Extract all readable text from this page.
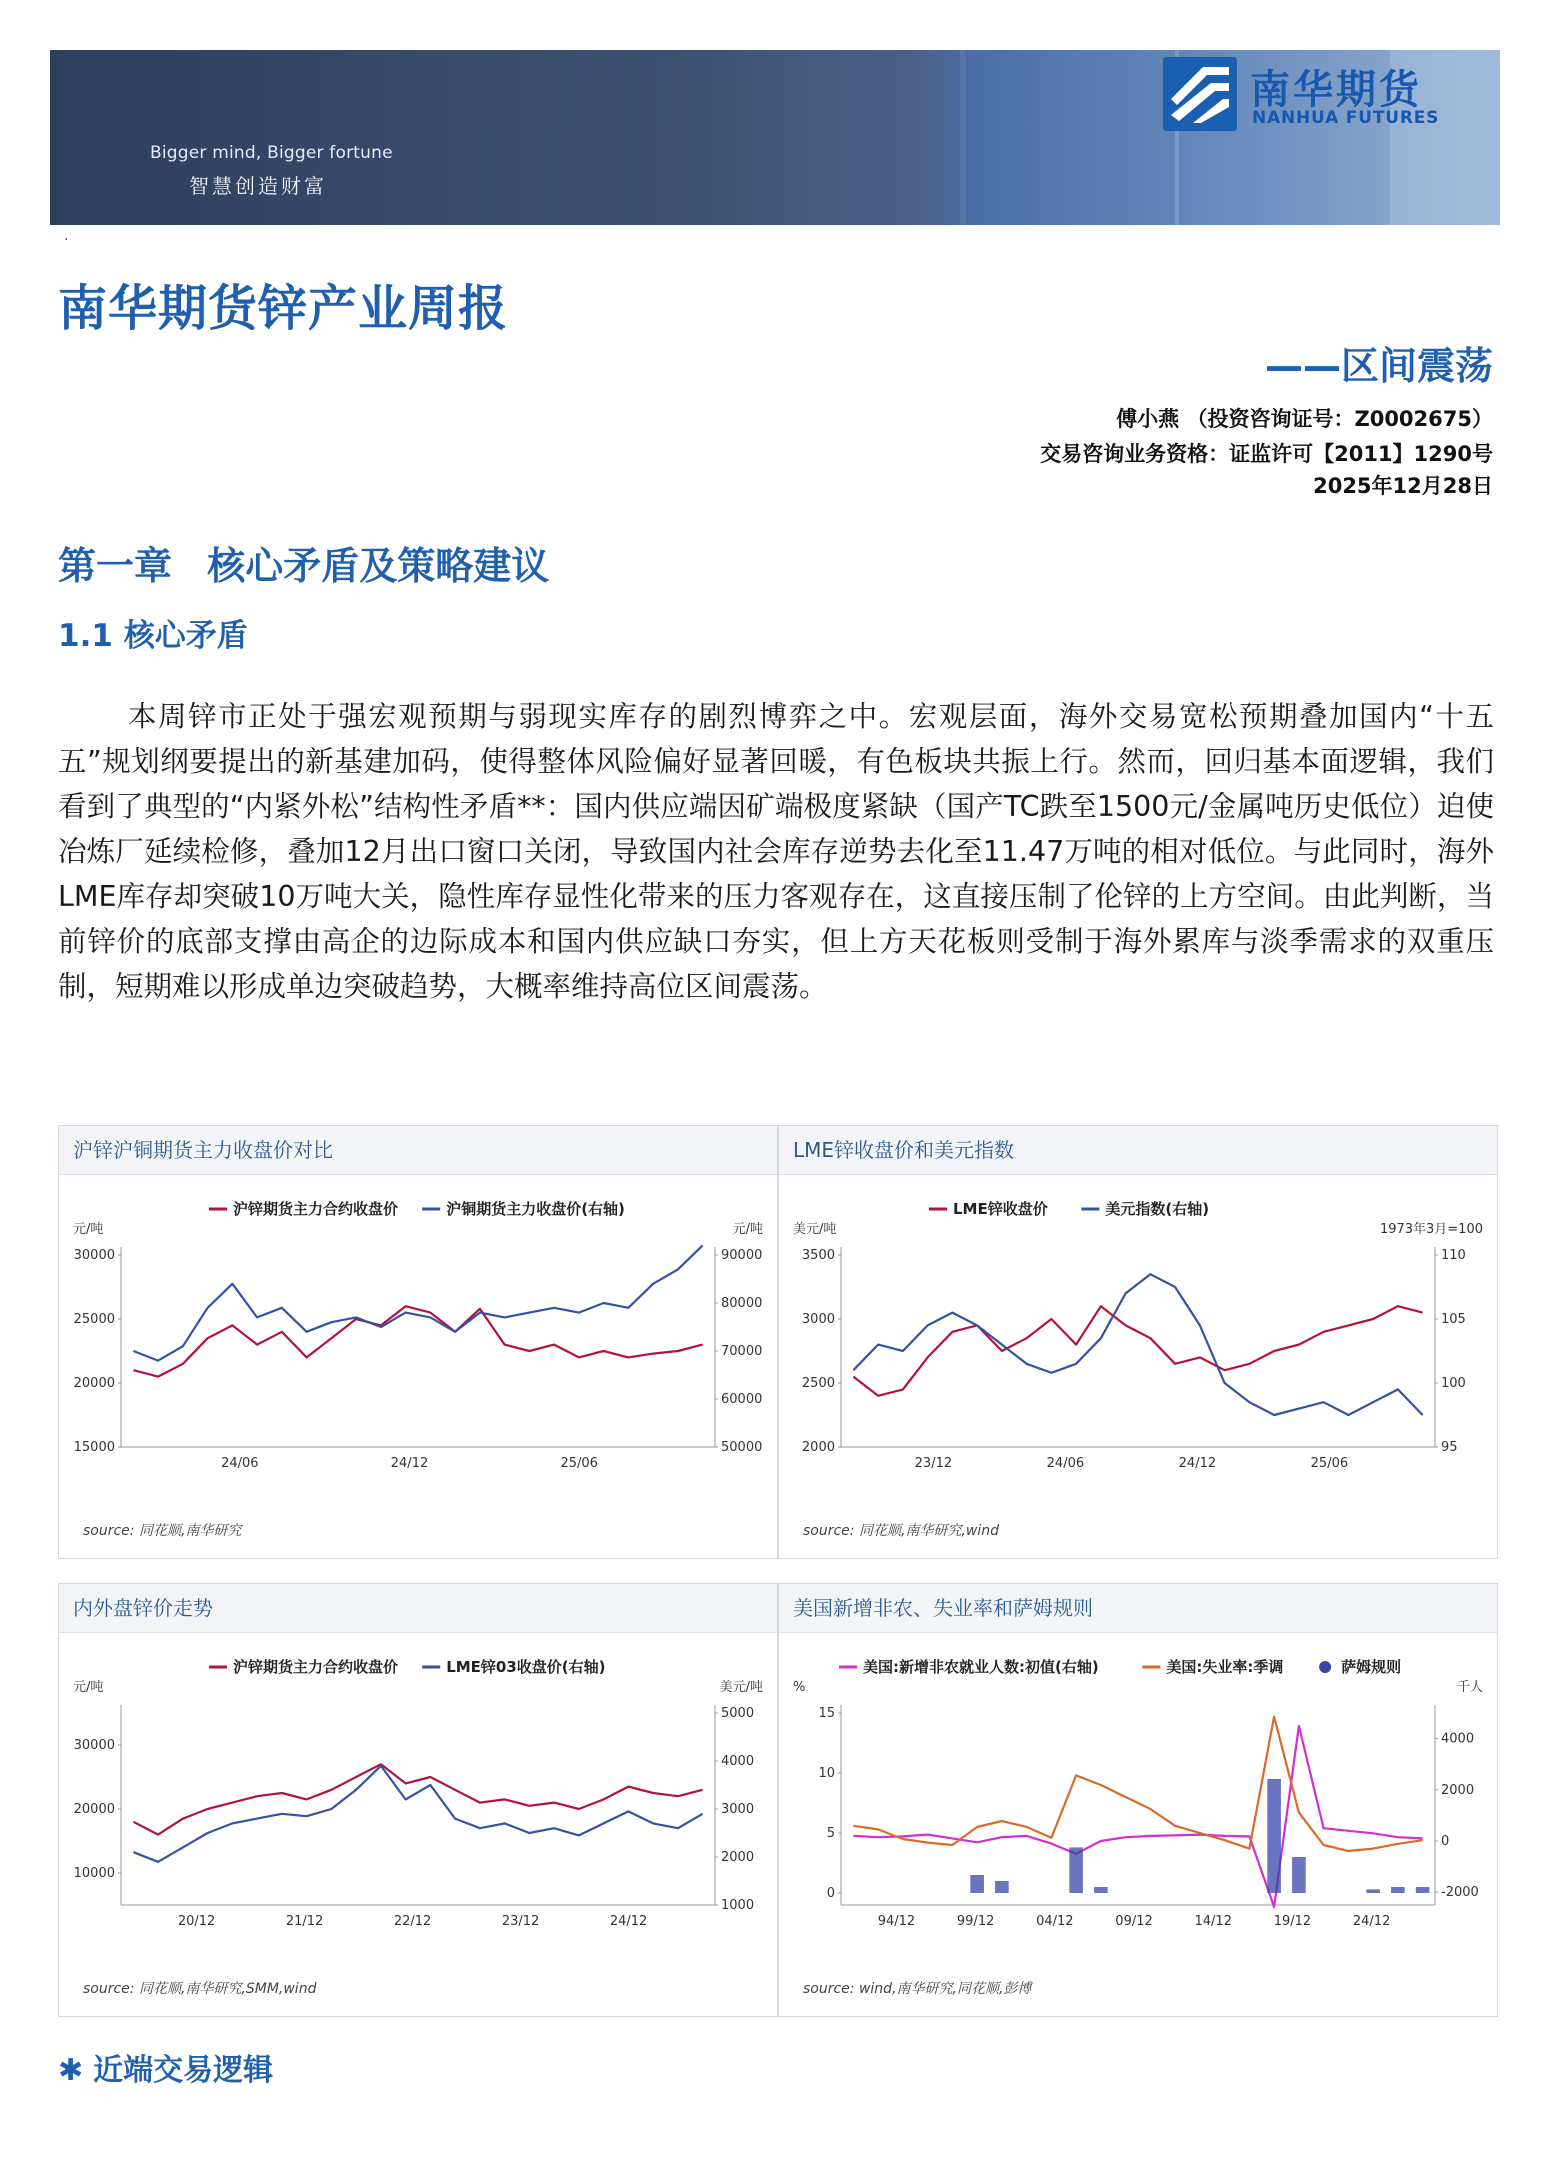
Bigger mind, Bigger fortune
智慧创造财富
南华期货
NANHUA FUTURES
·
南华期货锌产业周报
——区间震荡
傅小燕 （投资咨询证号：Z0002675）
交易咨询业务资格：证监许可【2011】1290号
2025年12月28日
第一章 核心矛盾及策略建议
1.1 核心矛盾

本周锌市正处于强宏观预期与弱现实库存的剧烈博弈之中。宏观层面，海外交易宽松预期叠加国内“十五五”规划纲要提出的新基建加码，使得整体风险偏好显著回暖，有色板块共振上行。然而，回归基本面逻辑，我们看到了典型的“内紧外松”结构性矛盾**：国内供应端因矿端极度紧缺（国产TC跌至1500元/金属吨历史低位）迫使冶炼厂延续检修，叠加12月出口窗口关闭，导致国内社会库存逆势去化至11.47万吨的相对低位。与此同时，海外LME库存却突破10万吨大关，隐性库存显性化带来的压力客观存在，这直接压制了伦锌的上方空间。由此判断，当前锌价的底部支撑由高企的边际成本和国内供应缺口夯实，但上方天花板则受制于海外累库与淡季需求的双重压制，短期难以形成单边突破趋势，大概率维持高位区间震荡。

沪锌沪铜期货主力收盘价对比
元/吨	元/吨
30000
25000
20000
15000
90000
80000
70000
60000
50000
24/06	24/12	25/06
沪锌期货主力合约收盘价	沪铜期货主力收盘价(右轴)
source: 同花顺,南华研究
LME锌收盘价和美元指数
美元/吨	1973年3月=100
3500
3000
2500
2000
110
105
100
95
23/12	24/06	24/12	25/06
LME锌收盘价	美元指数(右轴)
source: 同花顺,南华研究,wind
内外盘锌价走势
元/吨	美元/吨
30000
20000
10000
5000
4000
3000
2000
1000
20/12	21/12	22/12	23/12	24/12
沪锌期货主力合约收盘价	LME锌03收盘价(右轴)
source: 同花顺,南华研究,SMM,wind
美国新增非农、失业率和萨姆规则
%	千人
15
10
5
0
4000
2000
0
-2000
94/12	99/12	04/12	09/12	14/12	19/12	24/12
美国:新增非农就业人数:初值(右轴)	美国:失业率:季调	萨姆规则
source: wind,南华研究,同花顺,彭博
✱ 近端交易逻辑
